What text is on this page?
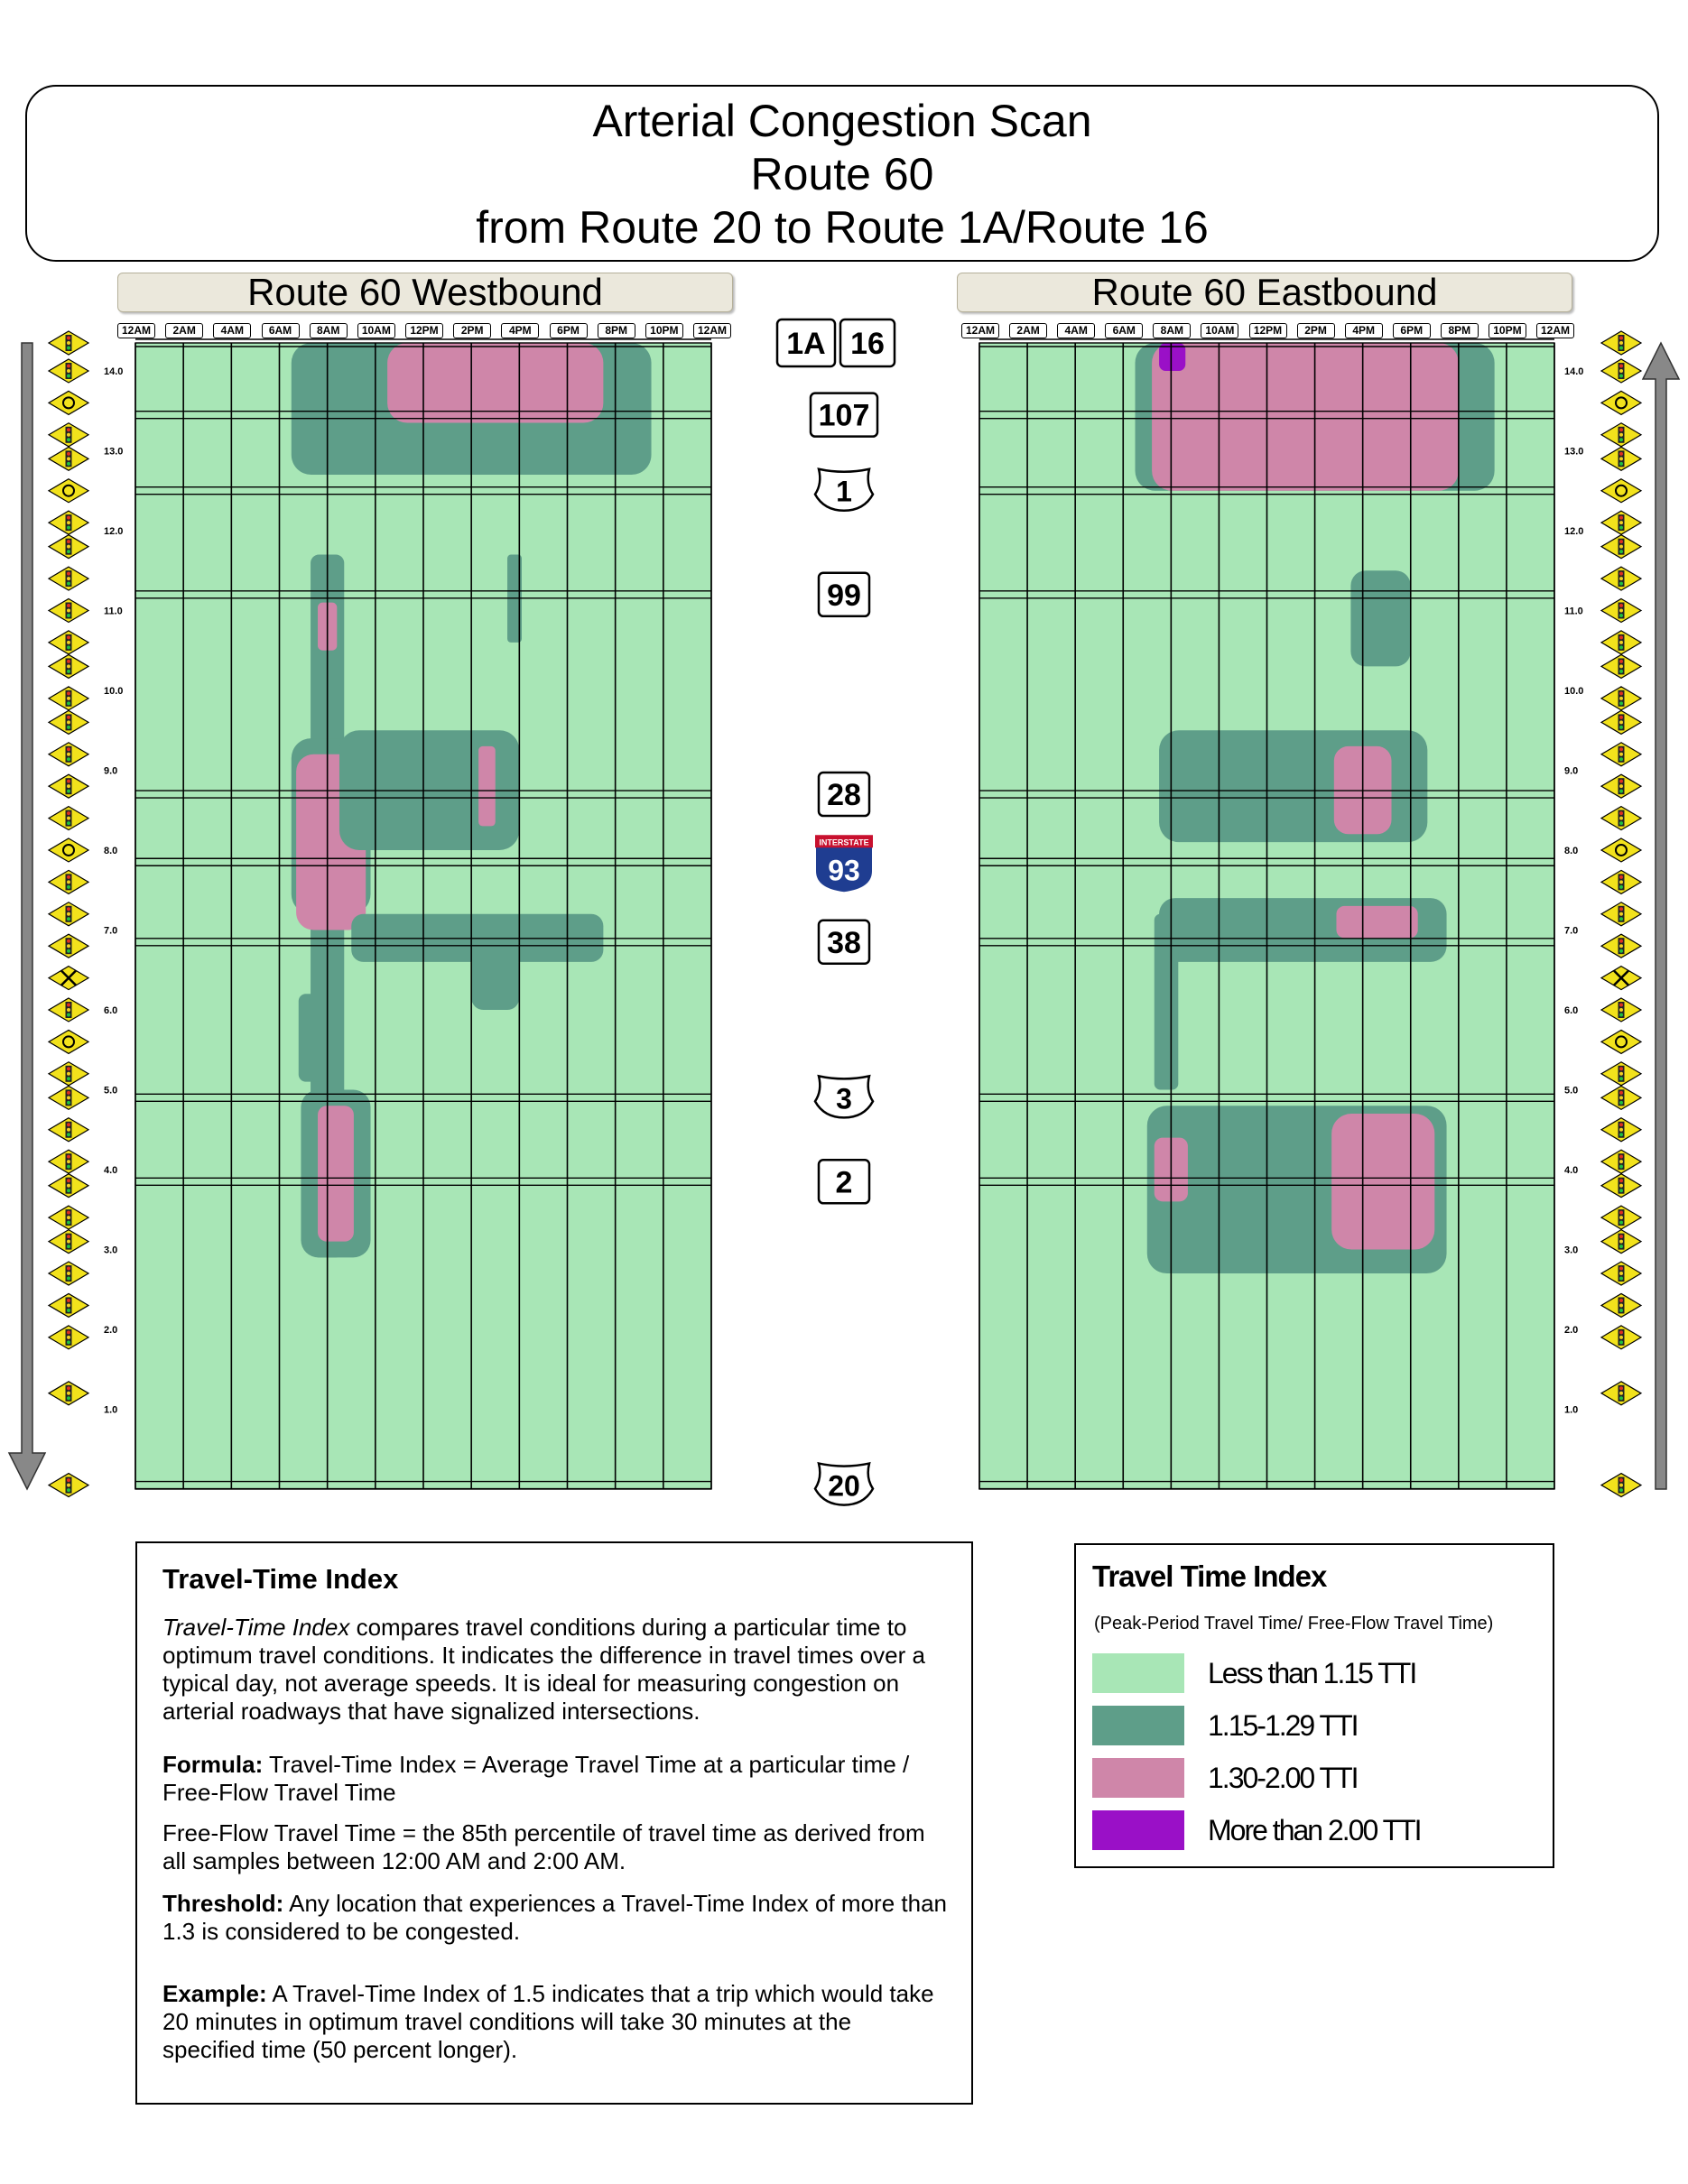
Arterial Congestion Scan
Route 60
from Route 20 to Route 1A/Route 16
Route 60 Westbound	Route 60 Eastbound
14.0	14.0
13.0	13.0
12.0	12.0
11.0	11.0
10.0	10.0
9.0	9.0
8.0	8.0
7.0	7.0
6.0	6.0
5.0	5.0
4.0	4.0
3.0	3.0
2.0	2.0
1.0	1.0
1A 16
107
1
99
28
INTERSTATE
93
38
3
2
20
Travel-Time Index

Travel-Time Index compares travel conditions during a particular time to optimum travel conditions. It indicates the difference in travel times over a typical day, not average speeds. It is ideal for measuring congestion on arterial roadways that have signalized intersections.

Formula: Travel-Time Index = Average Travel Time at a particular time / Free-Flow Travel Time

Free-Flow Travel Time = the 85th percentile of travel time as derived from all samples between 12:00 AM and 2:00 AM.

Threshold: Any location that experiences a Travel-Time Index of more than 1.3 is considered to be congested.

Example: A Travel-Time Index of 1.5 indicates that a trip which would take 20 minutes in optimum travel conditions will take 30 minutes at the specified time (50 percent longer).

Travel Time Index
(Peak-Period Travel Time/ Free-Flow Travel Time)
Less than 1.15 TTI
1.15-1.29 TTI
1.30-2.00 TTI
More than 2.00 TTI
12AM	2AM	4AM	6AM	8AM	10AM	12PM	2PM	4PM	6PM	8PM	10PM	12AM	12AM	2AM	4AM	6AM	8AM	10AM	12PM	2PM	4PM	6PM	8PM	10PM	12AM
